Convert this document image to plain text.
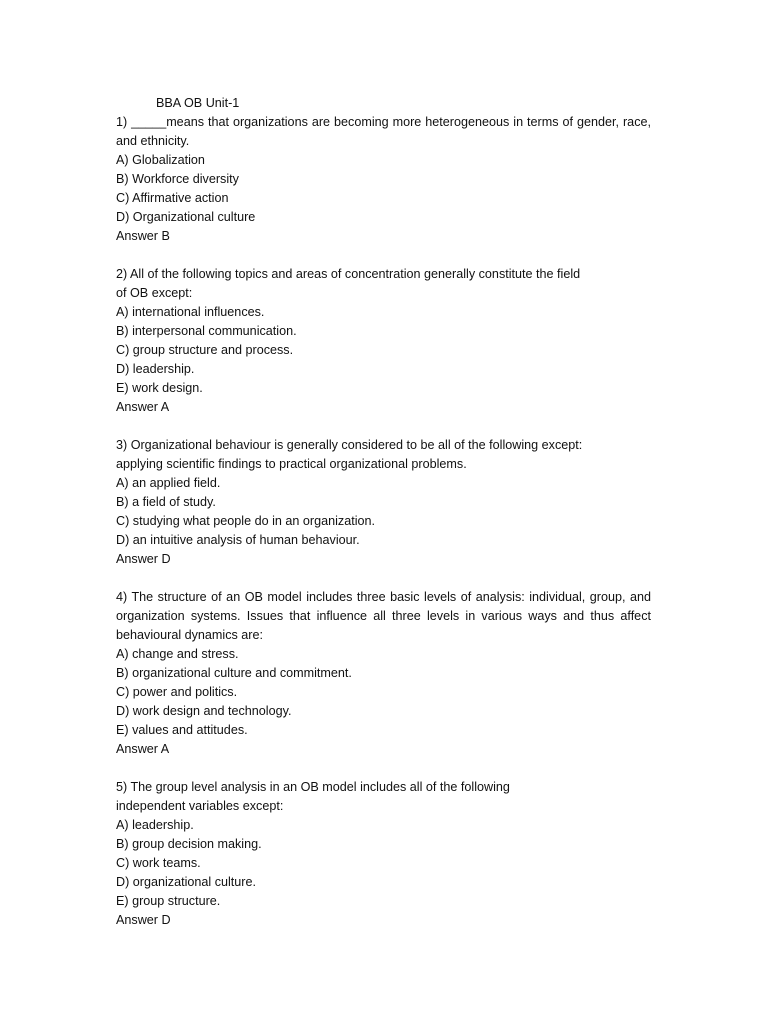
BBA OB Unit-1

1) _____means that organizations are becoming more heterogeneous in terms of gender, race, and ethnicity.

A) Globalization
B) Workforce diversity
C) Affirmative action
D) Organizational culture

Answer B

2) All of the following topics and areas of concentration generally constitute the field of OB except:

A) international influences.
B) interpersonal communication.
C) group structure and process.
D) leadership.
E) work design.

Answer A

3) Organizational behaviour is generally considered to be all of the following except: applying scientific findings to practical organizational problems.

A) an applied field.
B) a field of study.
C) studying what people do in an organization.
D) an intuitive analysis of human behaviour.

Answer D

4) The structure of an OB model includes three basic levels of analysis: individual, group, and organization systems. Issues that influence all three levels in various ways and thus affect behavioural dynamics are:

A) change and stress.
B) organizational culture and commitment.
C) power and politics.
D) work design and technology.
E) values and attitudes.

Answer A

5) The group level analysis in an OB model includes all of the following independent variables except:

A) leadership.
B) group decision making.
C) work teams.
D) organizational culture.
E) group structure.

Answer D
